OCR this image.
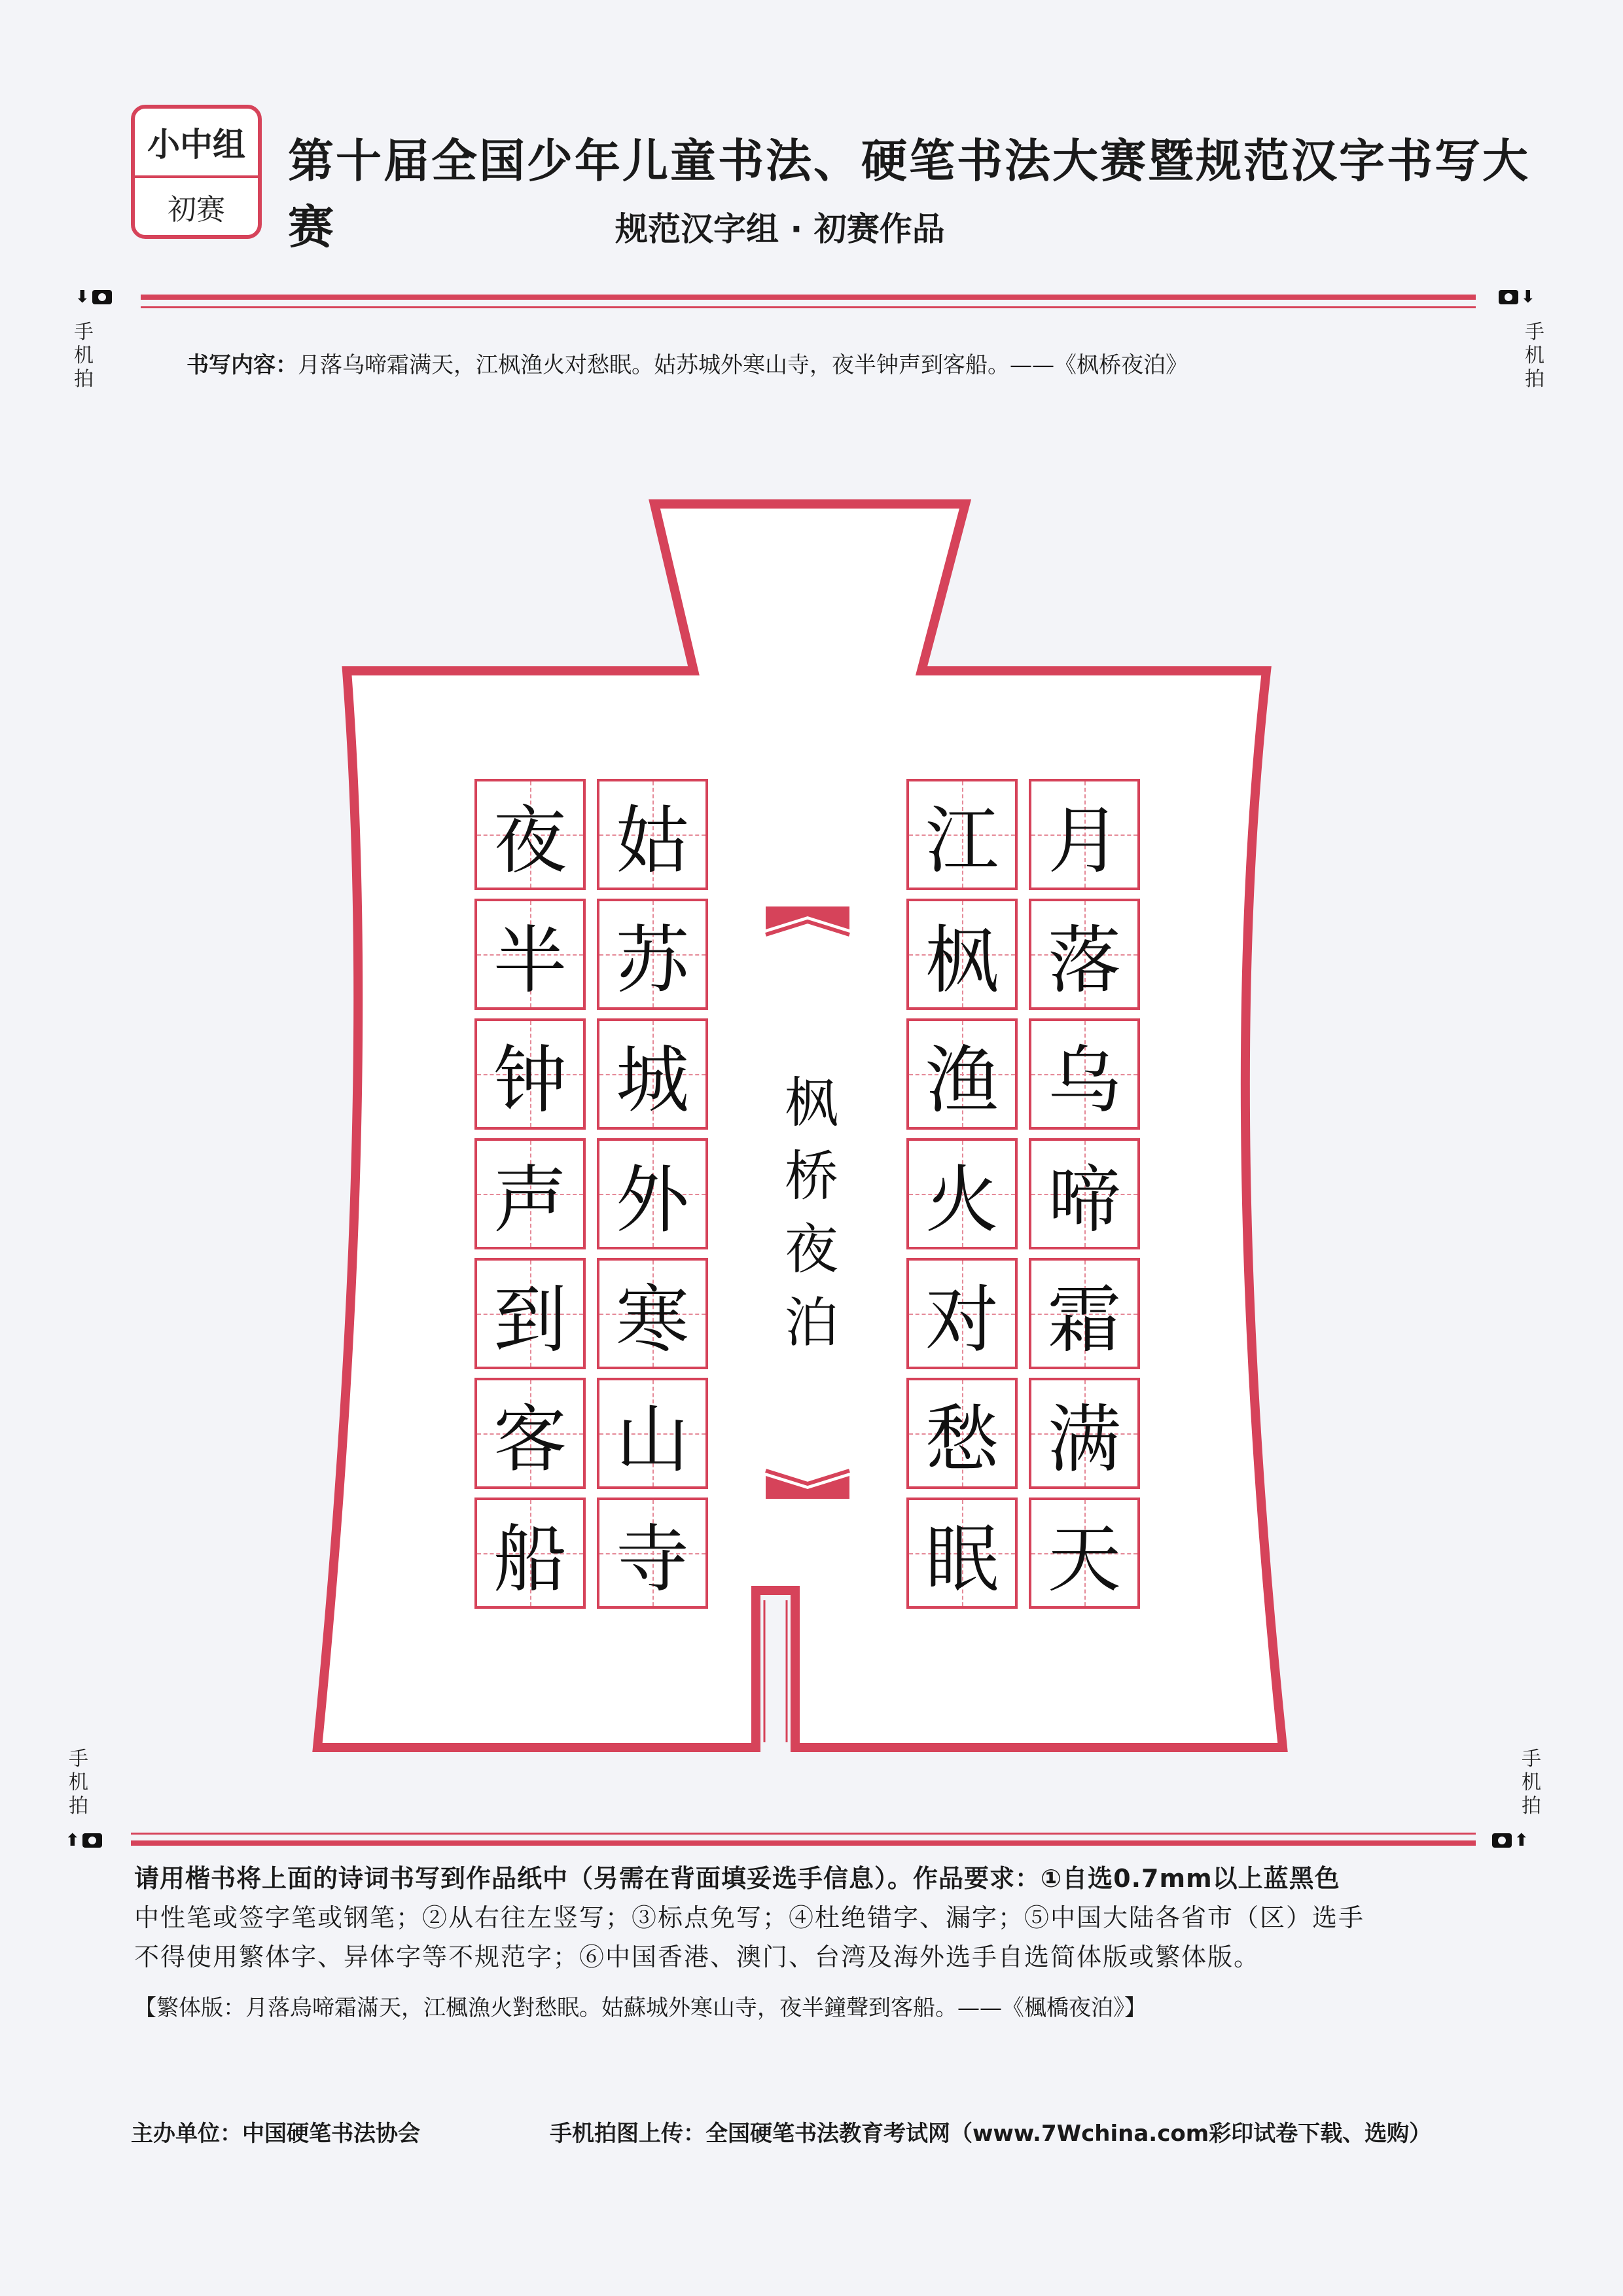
小中组
初赛
第十届全国少年儿童书法、硬笔书法大赛暨规范汉字书写大赛	规范汉字组 · 初赛作品
⬇	⬇
手机拍
手机拍
书写内容：月落乌啼霜满天，江枫渔火对愁眠。姑苏城外寒山寺，夜半钟声到客船。——《枫桥夜泊》
月
落
乌
啼
霜
满
天
江
枫
渔
火
对
愁
眠
姑
苏
城
外
寒
山
寺
夜
半
钟
声
到
客
船
枫
桥
夜
泊
手机拍
手机拍
⬆	⬆
请用楷书将上面的诗词书写到作品纸中（另需在背面填妥选手信息）。作品要求：①自选0.7mm以上蓝黑色
中性笔或签字笔或钢笔；②从右往左竖写；③标点免写；④杜绝错字、漏字；⑤中国大陆各省市（区）选手
不得使用繁体字、异体字等不规范字；⑥中国香港、澳门、台湾及海外选手自选简体版或繁体版。
【繁体版：月落烏啼霜滿天，江楓漁火對愁眠。姑蘇城外寒山寺，夜半鐘聲到客船。——《楓橋夜泊》】
主办单位：中国硬笔书法协会	手机拍图上传：全国硬笔书法教育考试网（www.7Wchina.com彩印试卷下载、选购）
